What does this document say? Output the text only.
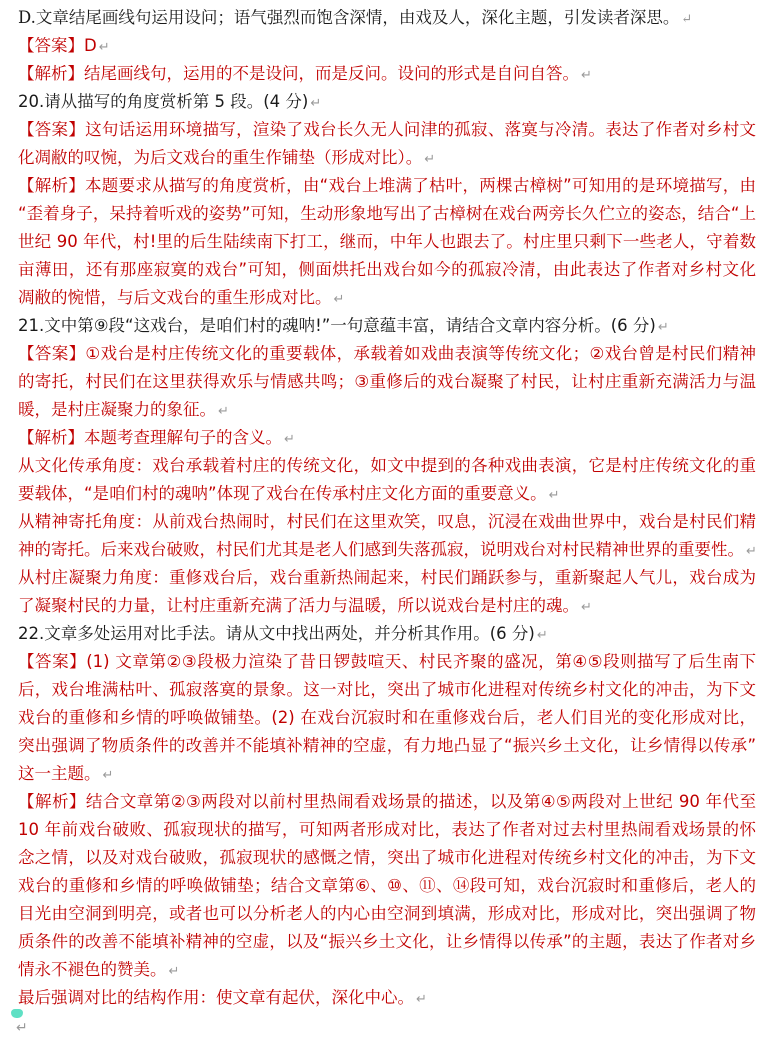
D.文章结尾画线句运用设问；语气强烈而饱含深情，由戏及人，深化主题，引发读者深思。 ↵
【答案】D ↵
【解析】结尾画线句，运用的不是设问，而是反问。设问的形式是自问自答。 ↵
20.请从描写的角度赏析第 5 段。(4 分) ↵
【答案】这句话运用环境描写，渲染了戏台长久无人问津的孤寂、落寞与冷清。表达了作者对乡村文
化凋敝的叹惋，为后文戏台的重生作铺垫（形成对比）。 ↵
【解析】本题要求从描写的角度赏析，由“戏台上堆满了枯叶，两棵古樟树”可知用的是环境描写，由
“歪着身子，呆持着听戏的姿势”可知，生动形象地写出了古樟树在戏台两旁长久伫立的姿态，结合“上
世纪 90 年代，村!里的后生陆续南下打工，继而，中年人也跟去了。村庄里只剩下一些老人，守着数
亩薄田，还有那座寂寞的戏台”可知，侧面烘托出戏台如今的孤寂冷清，由此表达了作者对乡村文化
凋敝的惋惜，与后文戏台的重生形成对比。 ↵
21.文中第⑨段“这戏台，是咱们村的魂呐!”一句意蕴丰富，请结合文章内容分析。(6 分) ↵
【答案】①戏台是村庄传统文化的重要载体，承载着如戏曲表演等传统文化；②戏台曾是村民们精神
的寄托，村民们在这里获得欢乐与情感共鸣；③重修后的戏台凝聚了村民，让村庄重新充满活力与温
暖，是村庄凝聚力的象征。 ↵
【解析】本题考查理解句子的含义。 ↵
从文化传承角度：戏台承载着村庄的传统文化，如文中提到的各种戏曲表演，它是村庄传统文化的重
要载体，“是咱们村的魂呐”体现了戏台在传承村庄文化方面的重要意义。 ↵
从精神寄托角度：从前戏台热闹时，村民们在这里欢笑，叹息，沉浸在戏曲世界中，戏台是村民们精
神的寄托。后来戏台破败，村民们尤其是老人们感到失落孤寂，说明戏台对村民精神世界的重要性。 ↵
从村庄凝聚力角度：重修戏台后，戏台重新热闹起来，村民们踊跃参与，重新聚起人气儿，戏台成为
了凝聚村民的力量，让村庄重新充满了活力与温暖，所以说戏台是村庄的魂。 ↵
22.文章多处运用对比手法。请从文中找出两处，并分析其作用。(6 分) ↵
【答案】(1) 文章第②③段极力渲染了昔日锣鼓喧天、村民齐聚的盛况，第④⑤段则描写了后生南下
后，戏台堆满枯叶、孤寂落寞的景象。这一对比，突出了城市化进程对传统乡村文化的冲击，为下文
戏台的重修和乡情的呼唤做铺垫。(2) 在戏台沉寂时和在重修戏台后，老人们目光的变化形成对比，
突出强调了物质条件的改善并不能填补精神的空虚，有力地凸显了“振兴乡土文化，让乡情得以传承”
这一主题。 ↵
【解析】结合文章第②③两段对以前村里热闹看戏场景的描述，以及第④⑤两段对上世纪 90 年代至
10 年前戏台破败、孤寂现状的描写，可知两者形成对比，表达了作者对过去村里热闹看戏场景的怀
念之情，以及对戏台破败，孤寂现状的感慨之情，突出了城市化进程对传统乡村文化的冲击，为下文
戏台的重修和乡情的呼唤做铺垫；结合文章第⑥、⑩、⑪、⑭段可知，戏台沉寂时和重修后，老人的
目光由空洞到明亮，或者也可以分析老人的内心由空洞到填满，形成对比，形成对比，突出强调了物
质条件的改善不能填补精神的空虚，以及“振兴乡土文化，让乡情得以传承”的主题，表达了作者对乡
情永不褪色的赞美。 ↵
最后强调对比的结构作用：使文章有起伏，深化中心。 ↵
↵
